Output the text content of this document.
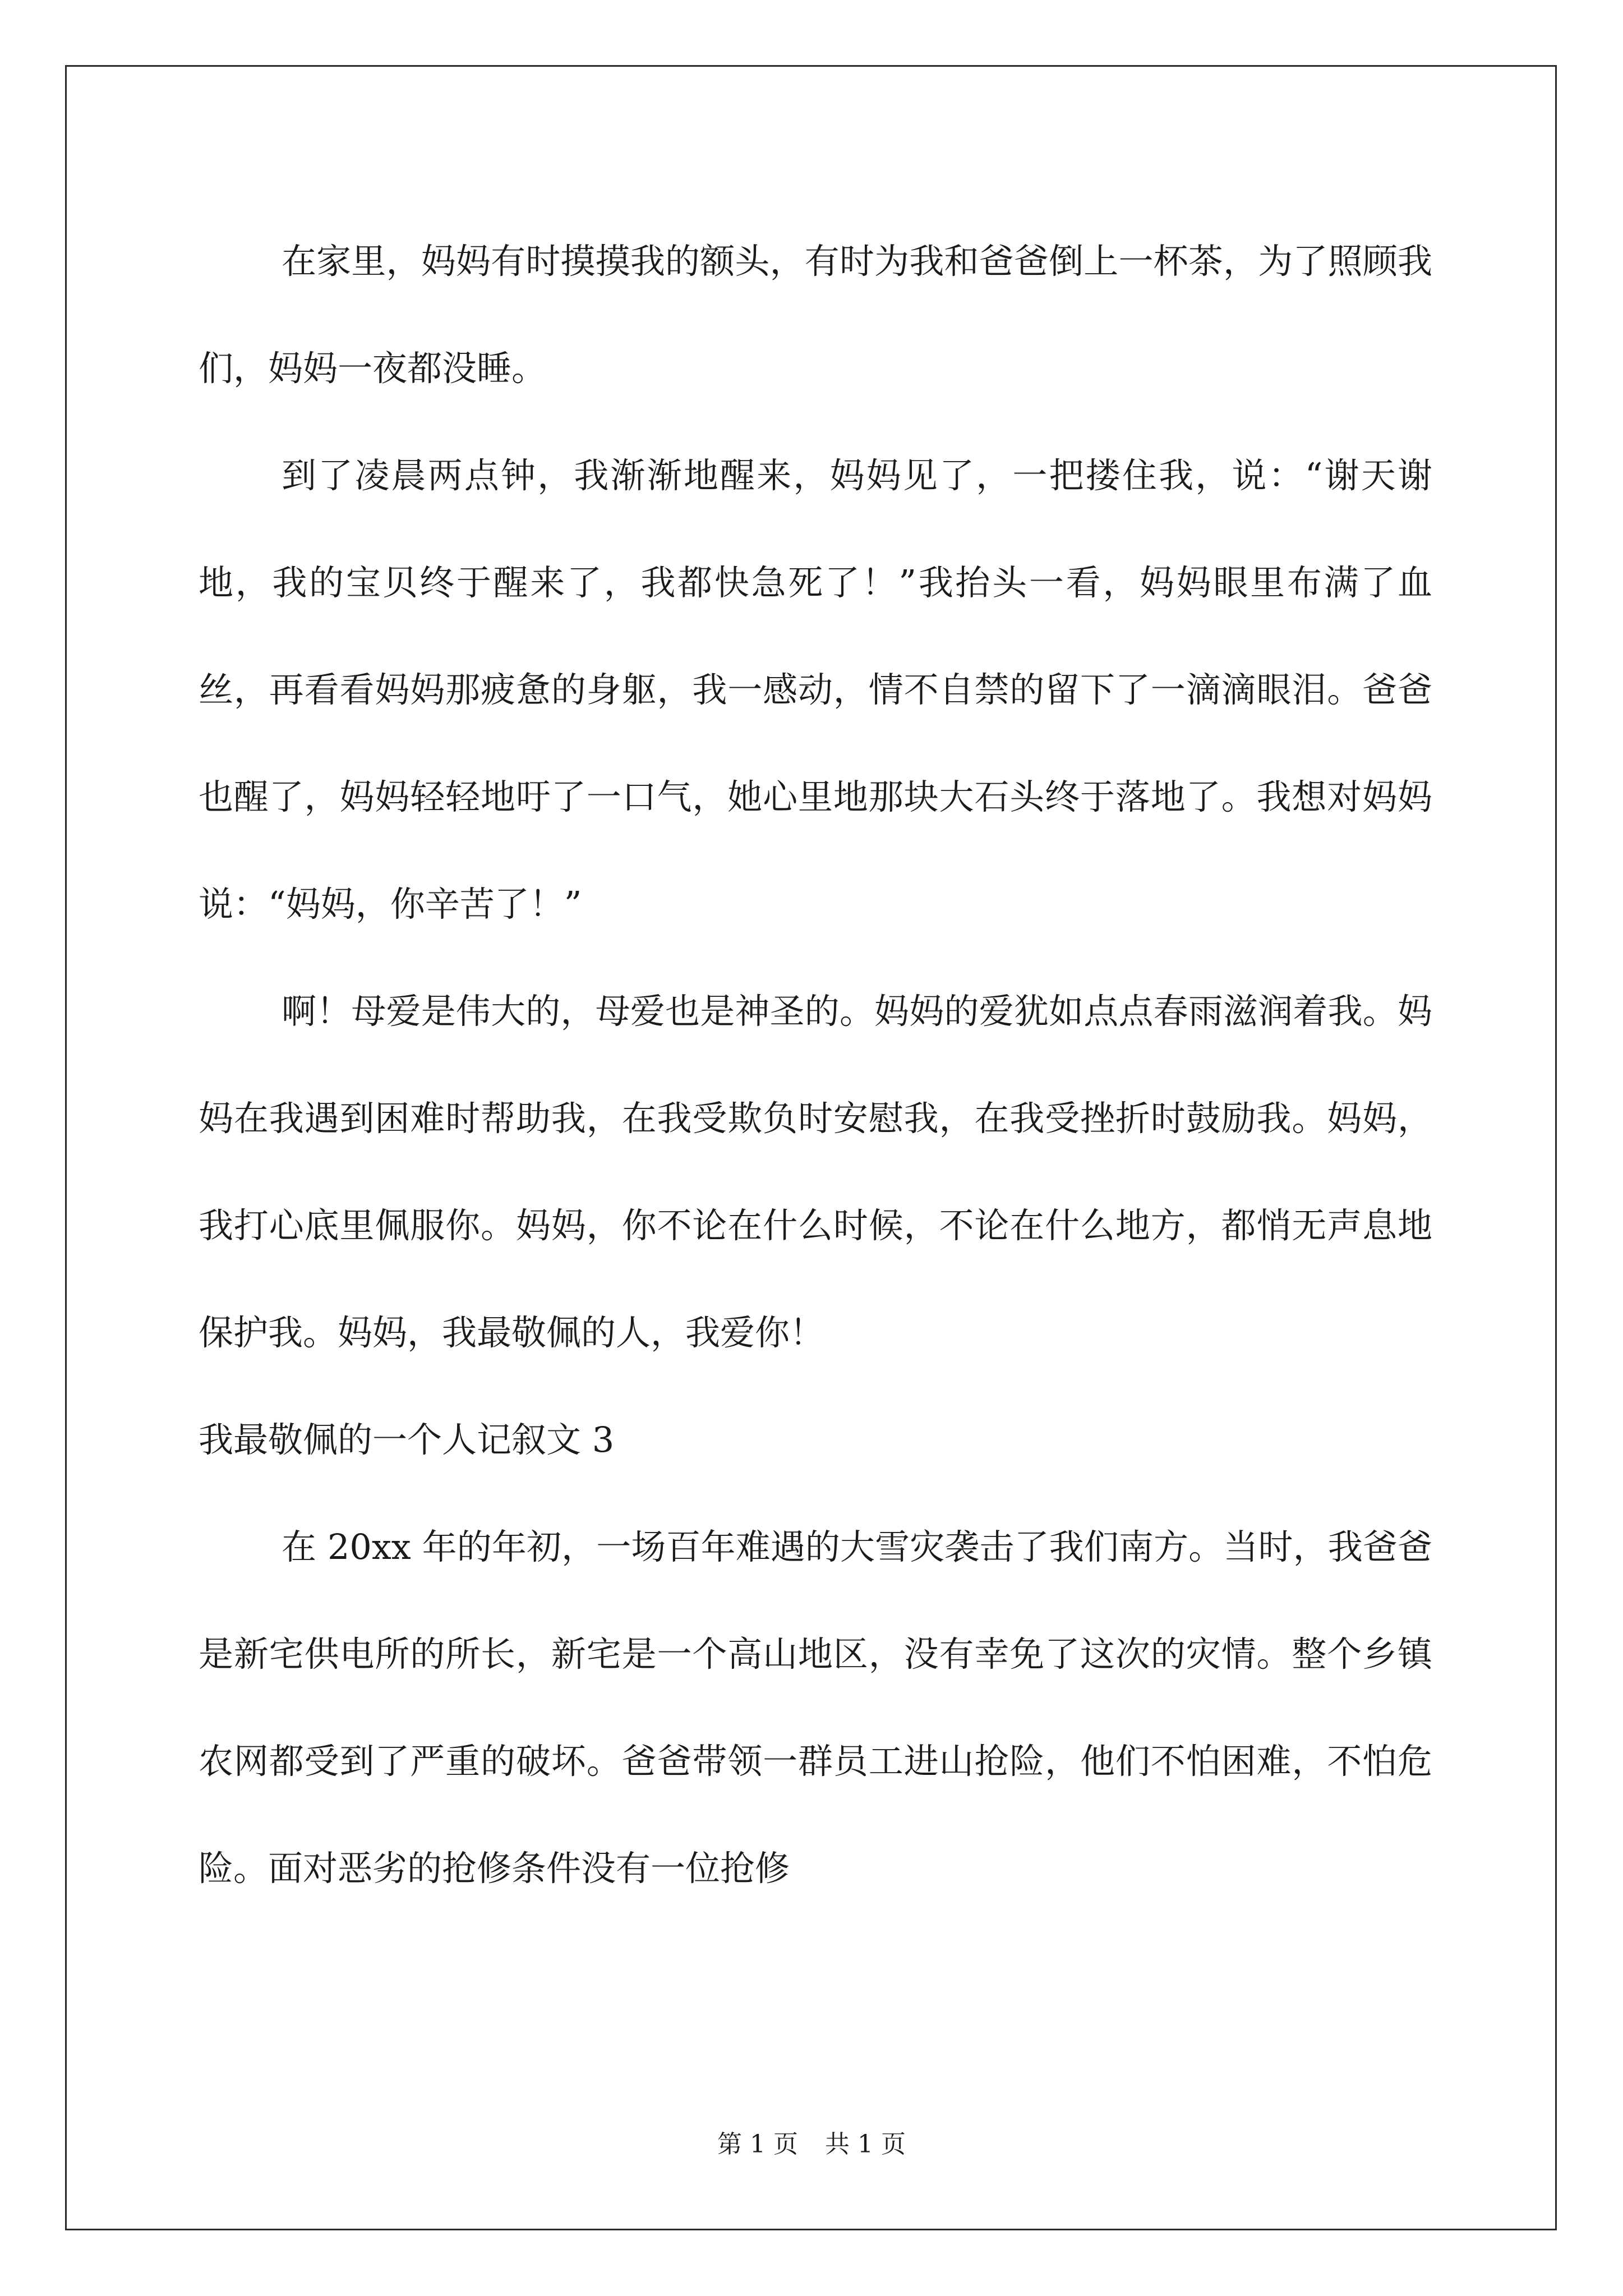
在家里，妈妈有时摸摸我的额头，有时为我和爸爸倒上一杯茶，为了照顾我们，妈妈一夜都没睡。

到了凌晨两点钟，我渐渐地醒来，妈妈见了，一把搂住我，说：“谢天谢地，我的宝贝终于醒来了，我都快急死了！”我抬头一看，妈妈眼里布满了血丝，再看看妈妈那疲惫的身躯，我一感动，情不自禁的留下了一滴滴眼泪。爸爸也醒了，妈妈轻轻地吁了一口气，她心里地那块大石头终于落地了。我想对妈妈说：“妈妈，你辛苦了！”

啊！母爱是伟大的，母爱也是神圣的。妈妈的爱犹如点点春雨滋润着我。妈妈在我遇到困难时帮助我，在我受欺负时安慰我，在我受挫折时鼓励我。妈妈，我打心底里佩服你。妈妈，你不论在什么时候，不论在什么地方，都悄无声息地保护我。妈妈，我最敬佩的人，我爱你！

我最敬佩的一个人记叙文 3

在 20xx 年的年初，一场百年难遇的大雪灾袭击了我们南方。当时，我爸爸是新宅供电所的所长，新宅是一个高山地区，没有幸免了这次的灾情。整个乡镇农网都受到了严重的破坏。爸爸带领一群员工进山抢险，他们不怕困难，不怕危险。面对恶劣的抢修条件没有一位抢修

第 1 页 共 1 页
